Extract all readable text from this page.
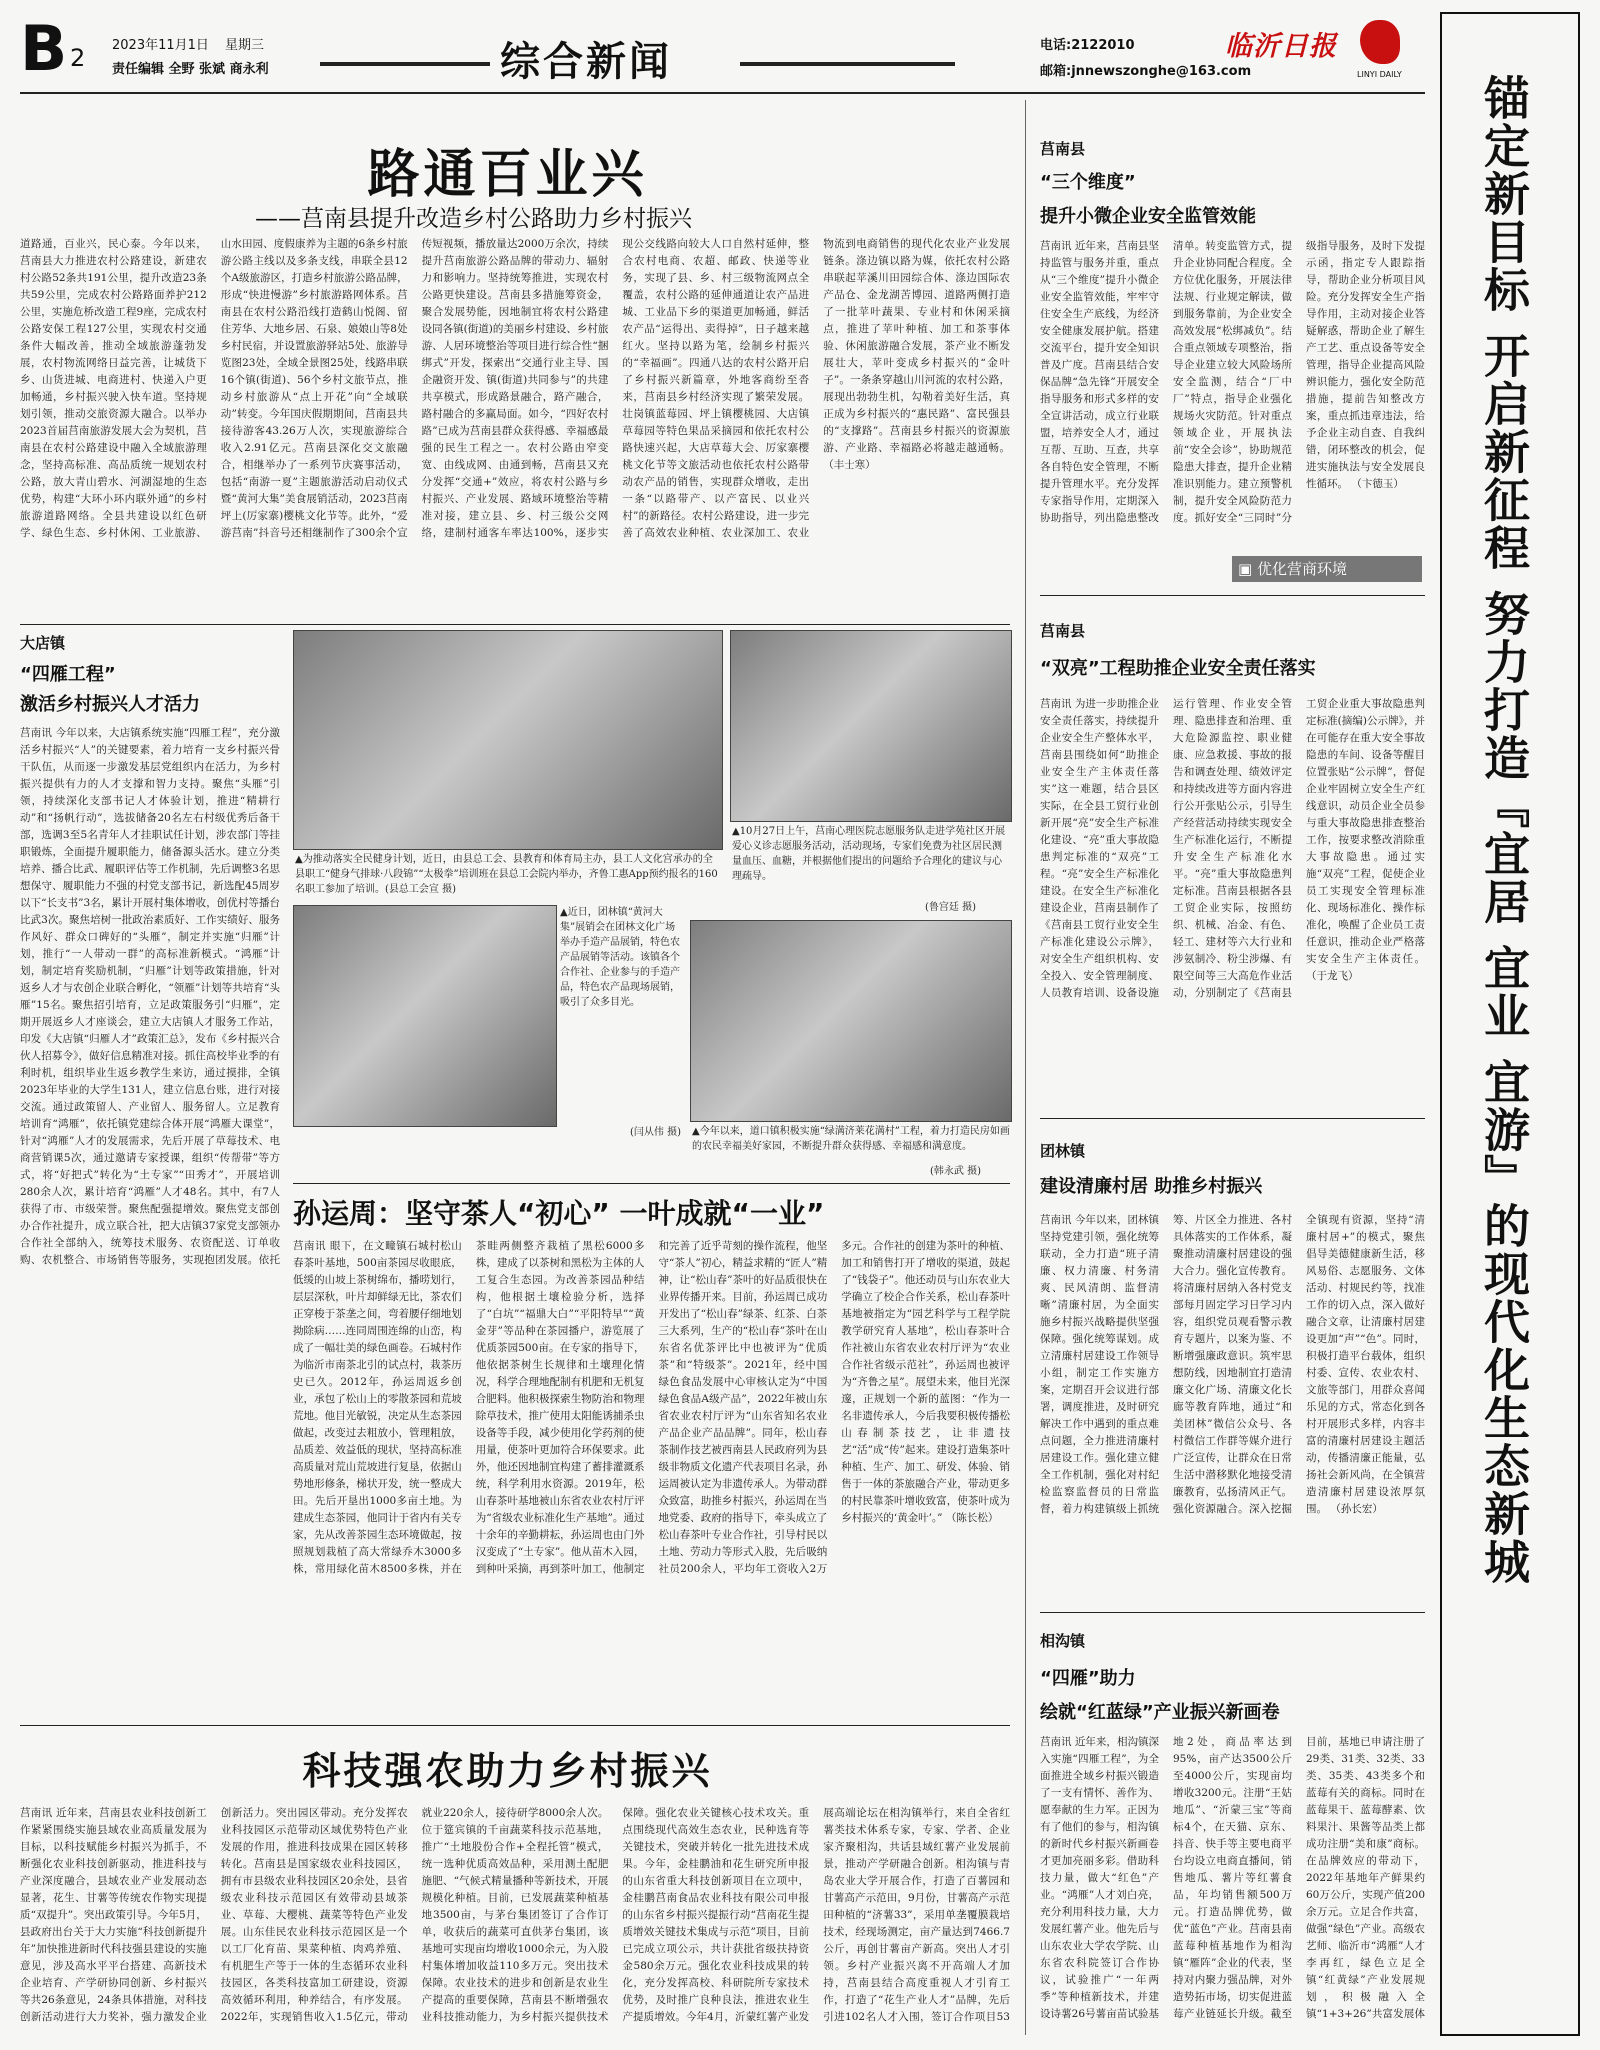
B 2 2023年11月1日 星期三
责任编辑 全野 张斌 商永利	综合新闻	电话:2122010
邮箱:jnnewszonghe@163.com
临沂日报
LINYI DAILY 锚定新目标 开启新征程 努力打造『宜居 宜业 宜游』的现代化生态新城
路通百业兴
——莒南县提升改造乡村公路助力乡村振兴
道路通，百业兴，民心泰。今年以来，莒南县大力推进农村公路建设，新建农村公路52条共191公里，提升改造23条共59公里，完成农村公路路面养护212公里，实施危桥改造工程9座，完成农村公路安保工程127公里，实现农村交通条件大幅改善，推动全域旅游蓬勃发展，农村物流网络日益完善，让城货下乡、山货进城、电商进村、快递入户更加畅通，乡村振兴驶入快车道。坚持规划引领，推动交旅资源大融合。以举办2023首届莒南旅游发展大会为契机，莒南县在农村公路建设中融入全域旅游理念，坚持高标准、高品质统一规划农村公路，放大青山碧水、河湖湿地的生态优势，构建“大环小环内联外通”的乡村旅游道路网络。全县共建设以红色研学、绿色生态、乡村休闲、工业旅游、山水田园、度假康养为主题的6条乡村旅游公路主线以及多条支线，串联全县12个A级旅游区，打造乡村旅游公路品牌，形成“快进慢游”乡村旅游路网体系。莒南县在农村公路沿线打造鹤山悦阁、留住芳华、大地乡居、石泉、娘娘山等8处乡村民宿，并设置旅游驿站5处、旅游导览图23处，全域全景图25处，线路串联16个镇(街道)、56个乡村文旅节点，推动乡村旅游从“点上开花”向“全域联动”转变。今年国庆假期期间，莒南县共接待游客43.26万人次，实现旅游综合收入2.91亿元。莒南县深化交文旅融合，相继举办了一系列节庆赛事活动，包括“南游一夏”主题旅游活动启动仪式暨“黄河大集”美食展销活动，2023莒南坪上(厉家寨)樱桃文化节等。此外，“爱游莒南”抖音号还相继制作了300余个宣传短视频，播放量达2000万余次，持续提升莒南旅游公路品牌的带动力、辐射力和影响力。坚持统筹推进，实现农村公路更快建设。莒南县多措施筹资金，聚合发展势能，因地制宜将农村公路建设同各镇(街道)的美丽乡村建设、乡村旅游、人居环境整治等项目进行综合性“捆绑式”开发，探索出“交通行业主导、国企融资开发、镇(街道)共同参与”的共建共享模式，形成路景融合，路产融合，路村融合的多赢局面。如今，“四好农村路”已成为莒南县群众获得感、幸福感最强的民生工程之一。农村公路由窄变宽、由线成网、由通到畅，莒南县又充分发挥“交通+”效应，将农村公路与乡村振兴、产业发展、路域环境整治等精准对接，建立县、乡、村三级公交网络，建制村通客车率达100%，逐步实现公交线路向较大人口自然村延伸，整合农村电商、农超、邮政、快递等业务，实现了县、乡、村三级物流网点全覆盖，农村公路的延伸通道让农产品进城、工业品下乡的渠道更加畅通，鲜活农产品“运得出、卖得掉”，日子越来越红火。坚持以路为笔，绘制乡村振兴的“幸福画”。四通八达的农村公路开启了乡村振兴新篇章，外地客商纷至沓来，莒南县乡村经济实现了繁荣发展。壮岗镇蓝莓园、坪上镇樱桃园、大店镇草莓园等特色果品采摘园和依托农村公路快速兴起，大店草莓大会、厉家寨樱桃文化节等文旅活动也依托农村公路带动农产品的销售，实现群众增收，走出一条“以路带产、以产富民、以业兴村”的新路径。农村公路建设，进一步完善了高效农业种植、农业深加工、农业物流到电商销售的现代化农业产业发展链条。涤边镇以路为媒，依托农村公路串联起苹溪川田园综合体、涤边国际农产品仓、金龙湖苦博园、道路两侧打造了一批苹叶蔬果、专业村和休闲采摘点，推进了苹叶种植、加工和茶事体验、休闲旅游融合发展，茶产业不断发展壮大，苹叶变成乡村振兴的“金叶子”。一条条穿越山川河流的农村公路，展现出勃勃生机，勾勒着美好生活，真正成为乡村振兴的“惠民路”、富民强县的“支撑路”。莒南县乡村振兴的资源旅游、产业路、幸福路必将越走越通畅。 （丰士寒）
大店镇
“四雁工程”
激活乡村振兴人才活力
莒南讯 今年以来，大店镇系统实施“四雁工程”，充分激活乡村振兴“人”的关键要素，着力培育一支乡村振兴骨干队伍，从而逐一步激发基层党组织内在活力，为乡村振兴提供有力的人才支撑和智力支持。聚焦“头雁”引领，持续深化支部书记人才体验计划，推进“精耕行动”和“扬帆行动”，选拔储备20名左右村级优秀后备干部，选调3至5名青年人才挂职试任计划，涉农部门等挂职锻炼，全面提升履职能力，储备源头活水。建立分类培养、播合比武、履职评估等工作机制，先后调整3名思想保守、履职能力不强的村党支部书记，新选配45周岁以下“长支书”3名，累计开展村集体增收，创优村等播台比武3次。聚焦培树一批政治素质好、工作实绩好、服务作风好、群众口碑好的“头雁”，制定并实施“归雁”计划，推行“一人带动一群”的高标准新模式。“鸿雁”计划，制定培育奖励机制，“归雁”计划等政策措施，针对返乡人才与农创企业联合孵化，“领雁”计划等共培育“头雁”15名。聚焦招引培育，立足政策服务引“归雁”，定期开展返乡人才座谈会，建立大店镇人才服务工作站，印发《大店镇“归雁人才”政策汇总》，发布《乡村振兴合伙人招募令》，做好信息精准对接。抓住高校毕业季的有利时机，组织毕业生返乡教学生来访，通过摸排，全镇2023年毕业的大学生131人，建立信息台账，进行对接交流。通过政策留人、产业留人、服务留人。立足教育培训育“鸿雁”，依托镇党建综合体开展“鸿雁大课堂”，针对“鸿雁”人才的发展需求，先后开展了草莓技术、电商营销课5次，通过邀请专家授课，组织“传帮带”等方式，将“好把式”转化为“土专家”“田秀才”，开展培训280余人次，累计培育“鸿雁”人才48名。其中，有7人获得了市、市级荣誉。聚焦配强提增效。聚焦党支部创办合作社提升，成立联合社，把大店镇37家党支部领办合作社全部纳入，统筹技术服务、农资配送、订单收购、农机整合、市场销售等服务，实现抱团发展。依托
▲为推动落实全民健身计划，近日，由县总工会、县教育和体育局主办，县工人文化宫承办的全县职工“健身气排球·八段锦”“太极拳”培训班在县总工会院内举办，齐鲁工惠App预约报名的160名职工参加了培训。(县总工会宣 摄)
▲10月27日上午，莒南心理医院志愿服务队走进学苑社区开展爱心义诊志愿服务活动，活动现场，专家们免费为社区居民测量血压、血糖，并根据他们提出的问题给予合理化的建议与心理疏导。
(鲁宫廷 摄)
▲近日，团林镇“黄河大集”展销会在团林文化广场举办手造产品展销，特色农产品展销等活动。该镇各个合作社、企业参与的手造产品，特色农产品现场展销，吸引了众多目光。
(闫从伟 摄) ▲今年以来，道口镇积极实施“绿满济莱花满村”工程，着力打造民房如画的农民幸福美好家园，不断提升群众获得感、幸福感和满意度。
(韩永武 摄)
孙运周：坚守茶人“初心” 一叶成就“一业”
莒南讯 眼下，在文疃镇石城村松山春茶叶基地，500亩茶园尽收眼底，低缓的山坡上茶树绵布，播唠划行，层层深秋，叶片却鲜绿无比，茶农们正穿梭于茶垄之间，弯着腰仔细地划拗除病……连同周围连绵的山峦，构成了一幅壮美的绿色画卷。石城村作为临沂市南茶北引的试点村，栽茶历史已久。2012年，孙运周返乡创业，承包了松山上的零散茶园和荒坡荒地。他目光敏锐，决定从生态茶园做起，改变过去粗放小，管理粗放，品质差、效益低的现状，坚持高标准高质量对荒山荒坡进行复垦，依据山势地形修条，梯状开发，统一整成大田。先后开垦出1000多亩土地。为建成生态茶园，他同计于省内有关专家，先从改善茶园生态环境做起，按照规划栽植了高大常绿乔木3000多株，常用绿化苗木8500多株，并在茶畦两侧整齐栽植了黑松6000多株，建成了以茶树和黑松为主体的人工复合生态园。为改善茶园品种结构，他根据土壤检验分析，选择了“白坑”“福鼎大白”“平阳特早”“黄金芽”等品种在茶园播户，游览展了优质茶园500亩。在专家的指导下，他依据茶树生长规律和土壤理化情况，科学合理地配制有机肥和无机复合肥料。他积极探索生物防治和物理除草技术，推广使用太阳能诱捕杀虫设备等手段，减少使用化学药剂的使用量，使茶叶更加符合环保要求。此外，他还因地制宜构建了蓄排灌溉系统，科学利用水资源。2019年，松山春茶叶基地被山东省农业农村厅评为“省级农业标准化生产基地”。通过十余年的辛勤耕耘，孙运周也由门外汉变成了“土专家”。他从苗木入园，到种叶采摘，再到茶叶加工，他制定和完善了近乎苛刻的操作流程，他坚守“茶人”初心，精益求精的“匠人”精神，让“松山春”茶叶的好品质很快在业界传播开来。目前，孙运周已成功开发出了“松山春”绿茶、红茶、白茶三大系列，生产的“松山春”茶叶在山东省名优茶评比中也被评为“优质茶”和“特级茶”。2021年，经中国绿色食品发展中心审核认定为“中国绿色食品A级产品”，2022年被山东省农业农村厅评为“山东省知名农业产品企业产品品牌”。同年，松山春茶制作技艺被西南县人民政府列为县级非物质文化遗产代表项目名录，孙运周被认定为非遗传承人。为带动群众致富，助推乡村振兴，孙运周在当地党委、政府的指导下，牵头成立了松山春茶叶专业合作社，引导村民以土地、劳动力等形式入股，先后吸纳社员200余人，平均年工资收入2万多元。合作社的创建为茶叶的种植、加工和销售打开了增收的渠道，鼓起了“钱袋子”。他还动员与山东农业大学确立了校企合作关系，松山春茶叶基地被指定为“园艺科学与工程学院教学研究育人基地”，松山春茶叶合作社被山东省农业农村厅评为“农业合作社省级示范社”，孙运周也被评为“齐鲁之星”。展望未来，他目光深邃，正规划一个新的蓝图：“作为一名非遗传承人，今后我要积极传播松山春制茶技艺，让非遗技艺“活”成“传”起来。建设打造集茶叶种植、生产、加工、研发、体验、销售于一体的茶旅融合产业，带动更多的村民靠茶叶增收致富，使茶叶成为乡村振兴的‘黄金叶’。” （陈长松）
科技强农助力乡村振兴
莒南讯 近年来，莒南县农业科技创新工作紧紧围绕实施县域农业高质量发展为目标，以科技赋能乡村振兴为抓手，不断强化农业科技创新驱动，推进科技与产业深度融合，县域农业产业发展动态显著，花生、甘薯等传统农作物实现提质“双提升”。突出政策引导。今年5月，县政府出台关于大力实施“科技创新提升年”加快推进新时代科技强县建设的实施意见，涉及高水平平台搭建、高新技术企业培育、产学研协同创新、乡村振兴等共26条意见，24条具体措施，对科技创新活动进行大力奖补，强力激发企业创新活力。突出园区带动。充分发挥农业科技园区示范带动区域优势特色产业发展的作用，推进科技成果在园区转移转化。莒南县是国家级农业科技园区，拥有市县级农业科技园区20余处，县省级农业科技示范园区有效带动县域茶业、草莓、大樱桃、蔬菜等特色产业发展。山东佳民农业科技示范园区是一个以工厂化育苗、果菜种植、肉鸡养殖、有机肥生产等于一体的生态循环农业科技园区，各类科技富加工研建设，资源高效循环利用，种养结合，有序发展。2022年，实现销售收入1.5亿元，带动就业220余人，接待研学8000余人次。位于筵宾镇的千亩蔬菜科技示范基地，推广“土地股份合作+全程托管”模式，统一选种优质高效品种，采用测土配肥施肥、“气候式精量播种等新技术，开展规模化种植。目前，已发展蔬菜种植基地3500亩，与茅台集团签订了合作订单，收获后的蔬菜可直供茅台集团，该基地可实现亩均增收1000余元，为入股村集体增加收益110多万元。突出技术保障。农业技术的进步和创新是农业生产提高的重要保障，莒南县不断增强农业科技推动能力，为乡村振兴提供技术保障。强化农业关键核心技术攻关。重点围绕现代高效生态农业，民种选育等关键技术，突破并转化一批先进技术成果。今年，金桂鹏油和花生研究所申报的山东省重大科技创新项目在立项中，金桂鹏莒南食品农业科技有限公司申报的山东省乡村振兴提振行动“莒南花生提质增效关键技术集成与示范”项目，目前已完成立项公示，共计获批省级扶持资金580余万元。强化农业科技成果的转化，充分发挥高校、科研院所专家技术优势，及时推广良种良法，推进农业生产提质增效。今年4月，沂蒙红薯产业发展高端论坛在相沟镇举行，来自全省红薯类技术体系专家，专家、学者、企业家齐聚相沟，共话县域红薯产业发展前景，推动产学研融合创新。相沟镇与青岛农业大学开展合作，打造了百薯园和甘薯高产示范田，9月份，甘薯高产示范田种植的“济薯33”，采用单垄覆膜栽培技术，经现场测定，亩产量达到7466.7公斤，再创甘薯亩产新高。突出人才引领。乡村产业振兴离不开高端人才加持，莒南县结合高度重视人才引育工作，打造了“花生产业人才”品牌，先后引进102名人才入围，签订合作项目53
莒南县
“三个维度”
提升小微企业安全监管效能
莒南讯 近年来，莒南县坚持监管与服务并重，重点从“三个维度”提升小微企业安全监管效能，牢牢守住安全生产底线，为经济安全健康发展护航。搭建交流平台，提升安全知识普及广度。莒南县结合安保品牌“急先锋”开展安全指导服务和形式多样的安全宣讲活动，成立行业联盟，培养安全人才，通过互帮、互助、互查，共享各自特色安全管理，不断提升管理水平。充分发挥专家指导作用，定期深入协助指导，列出隐患整改清单。转变监管方式，提升企业协同配合程度。全方位优化服务，开展法律法规、行业规定解读，做到服务靠前，为企业安全高效发展“松绑减负”。结合重点领域专项整治，指导企业建立较大风险场所安全监测，结合“厂中厂”特点，指导企业强化规场火灾防范。针对重点领域企业，开展执法前“安全会诊”，协助规范隐患大排查，提升企业精准识别能力。建立预警机制，提升安全风险防范力度。抓好安全“三同时”分级指导服务，及时下发提示函，指定专人跟踪指导，帮助企业分析项目风险。充分发挥安全生产指导作用，主动对接企业答疑解惑，帮助企业了解生产工艺、重点设备等安全管理，指导企业提高风险辨识能力，强化安全防范措施，提前告知整改方案，重点抓违章违法，给予企业主动自查、自我纠错，闭环整改的机会，促进实施执法与安全发展良性循环。 （卞德玉）
▣ 优化营商环境
莒南县
“双亮”工程助推企业安全责任落实
莒南讯 为进一步助推企业安全责任落实，持续提升企业安全生产整体水平，莒南县围绕如何“助推企业安全生产主体责任落实”这一难题，结合县区实际，在全县工贸行业创新开展“亮”安全生产标准化建设、“亮”重大事故隐患判定标准的“双亮”工程。“亮”安全生产标准化建设。在安全生产标准化建设企业，莒南县制作了《莒南县工贸行业安全生产标准化建设公示牌》，对安全生产组织机构、安全投入、安全管理制度、人员教育培训、设备设施运行管理、作业安全管理、隐患排查和治理、重大危险源监控、职业健康、应急救援、事故的报告和调查处理、绩效评定和持续改进等方面内容进行公开张贴公示，引导生产经营活动持续实现安全生产标准化运行，不断提升安全生产标准化水平。“亮”重大事故隐患判定标准。莒南县根据各县工贸企业实际，按照纺织、机械、冶金、有色、轻工、建材等六大行业和涉氨制冷、粉尘涉爆、有限空间等三大高危作业活动，分别制定了《莒南县工贸企业重大事故隐患判定标准(摘编)公示牌》，并在可能存在重大安全事故隐患的车间、设备等醒目位置张贴“公示牌”，督促企业牢固树立安全生产红线意识，动员企业全员参与重大事故隐患排查整治工作，按要求整改消除重大事故隐患。通过实施“双亮”工程，促使企业员工实现安全管理标准化、现场标准化、操作标准化，唤醒了企业员工责任意识，推动企业严格落实安全生产主体责任。 （于龙飞）
团林镇
建设清廉村居 助推乡村振兴
莒南讯 今年以来，团林镇坚持党建引领，强化统筹联动，全力打造“班子清廉、权力清廉、村务清爽、民风清朗、监督清晰”清廉村居，为全面实施乡村振兴战略提供坚强保障。强化统筹谋划。成立清廉村居建设工作领导小组，制定工作实施方案，定期召开会议进行部署，调度推进，及时研究解决工作中遇到的重点难点问题，全力推进清廉村居建设工作。强化建立健全工作机制，强化对村纪检监察监督员的日常监督，着力构建镇级上抓统筹、片区全力推进、各村具体落实的工作体系，凝聚推动清廉村居建设的强大合力。强化宣传教育。将清廉村居纳入各村党支部每月固定学习日学习内容，组织党员观看警示教育专题片，以案为鉴、不断增强廉政意识。筑牢思想防线，因地制宜打造清廉文化广场、清廉文化长廊等教育阵地，通过“和美团林”微信公众号、各村微信工作群等媒介进行广泛宣传，让群众在日常生活中潜移默化地接受清廉教育，弘扬清风正气。强化资源融合。深入挖掘全镇现有资源，坚持“清廉村居+”的模式，聚焦倡导美德健康新生活，移风易俗、志愿服务、文体活动、村规民约等，找准工作的切入点，深入做好融合文章，让清廉村居建设更加“声”“色”。同时，积极打造平台载体，组织村委、宣传、农业农村、文旅等部门，用群众喜闻乐见的方式，常态化到各村开展形式多样，内容丰富的清廉村居建设主题活动，传播清廉正能量，弘扬社会新风尚，在全镇营造清廉村居建设浓厚氛围。 （孙长宏）
相沟镇
“四雁”助力
绘就“红蓝绿”产业振兴新画卷
莒南讯 近年来，相沟镇深入实施“四雁工程”，为全面推进全域乡村振兴锻造了一支有情怀、善作为、愿奉献的生力军。正因为有了他们的参与，相沟镇的新时代乡村振兴新画卷才更加亮丽多彩。借助科技力量，做大“红色”产业。“鸿雁”人才刘白亮，充分利用科技力量，大力发展红薯产业。他先后与山东农业大学农学院、山东省农科院签订合作协议，试验推广“一年两季”等种植新技术，并建设诗薯26号薯亩苗试验基地2处，商品率达到95%，亩产达3500公斤至4000公斤，实现亩均增收3200元。注册“王姑地瓜”、“沂蒙三宝”等商标4个，在天猫、京东、抖音、快手等主要电商平台均设立电商直播间，销售地瓜、薯片等红薯食品，年均销售额500万元。打造品牌优势，做优“蓝色”产业。莒南县南蓝莓种植基地作为相沟镇“雁阵”企业的代表，坚持对内聚力强品牌，对外造势拓市场，切实促进蓝莓产业链延长升级。截至目前，基地已申请注册了29类、31类、32类、33类、35类、43类多个和蓝莓有关的商标。同时在蓝莓果干、蓝莓酵素、饮料果汁、果酱等品类上都成功注册“美和康”商标。在品牌效应的带动下，2022年基地年产鲜果约60万公斤，实现产值200余万元。立足合作共富，做强“绿色”产业。高级农艺师、临沂市“鸿雁”人才李再红，绿色立足全镇“红黄绿”产业发展规划，积极融入全镇“1+3+26”共富发展体
